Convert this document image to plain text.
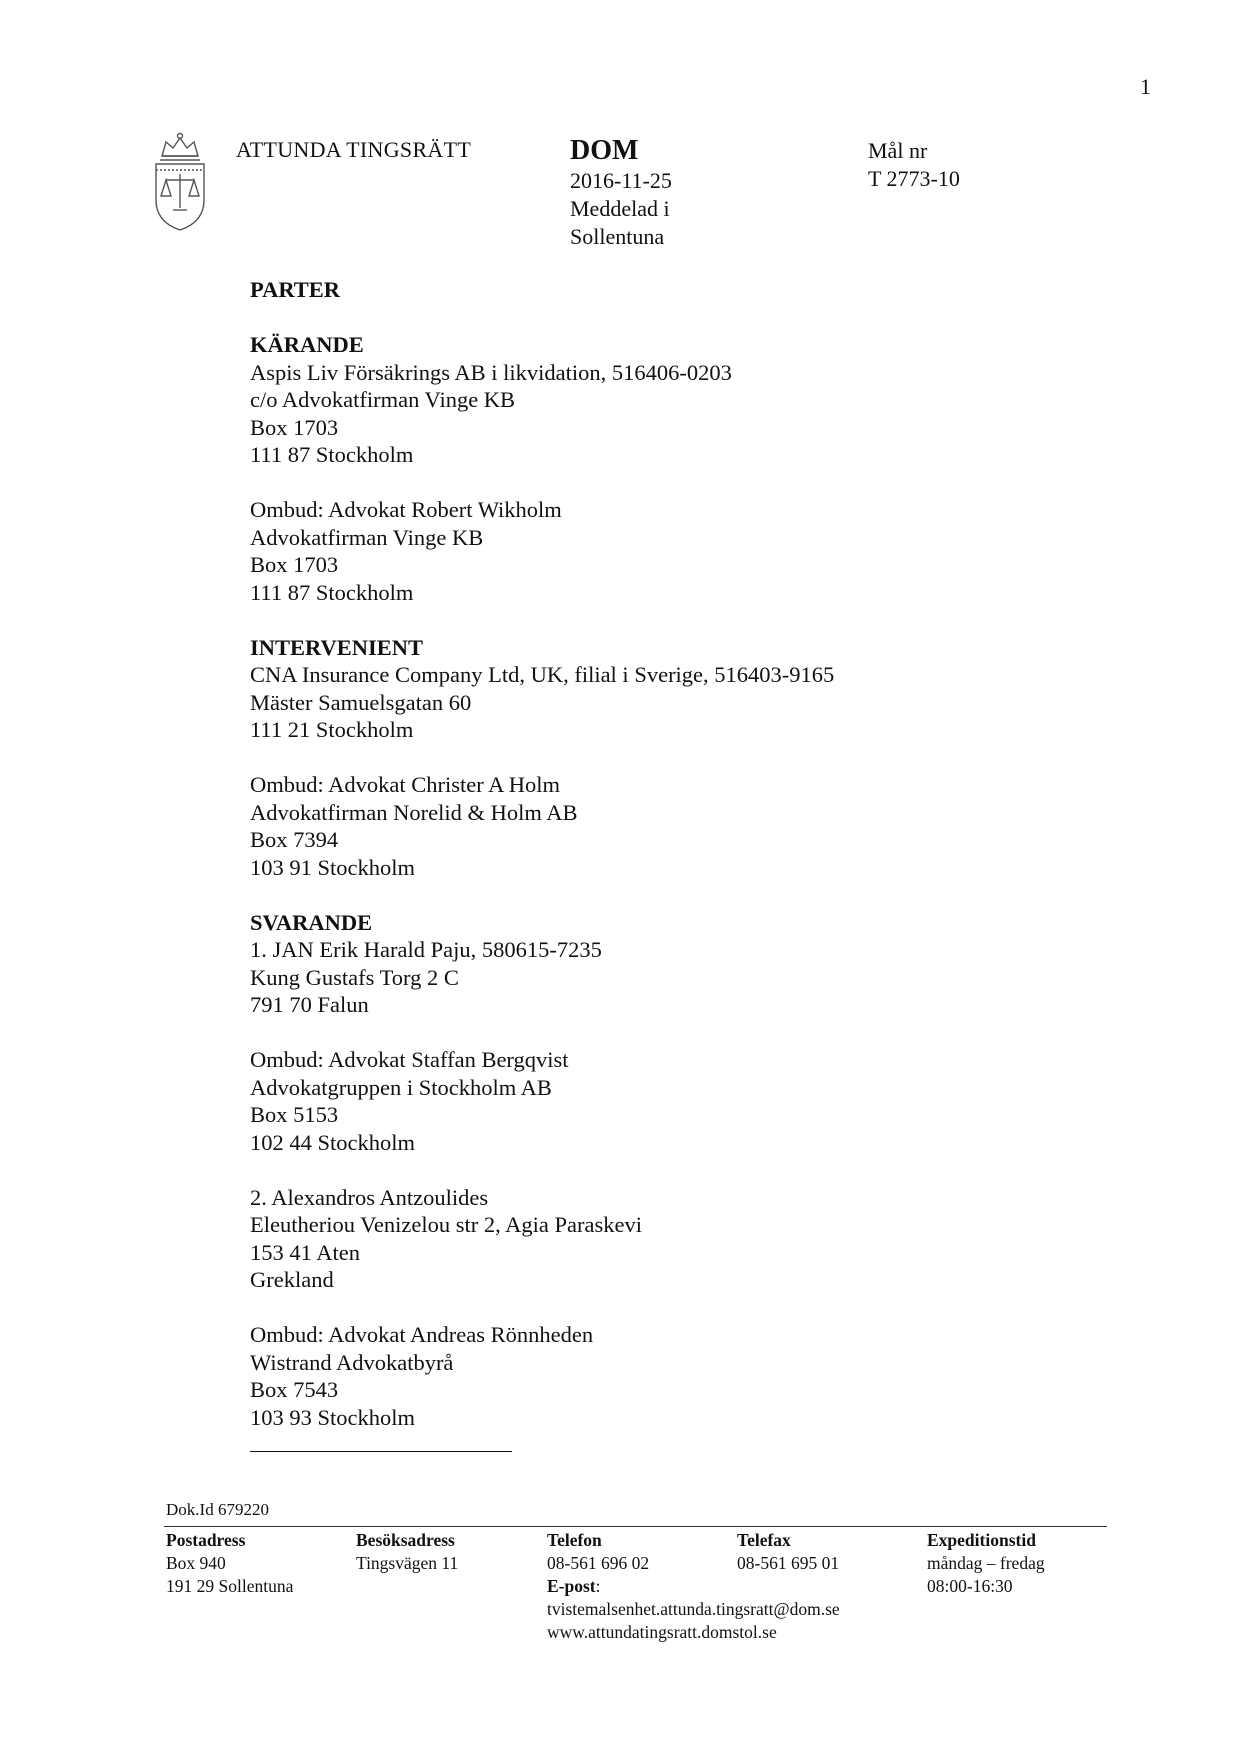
1
ATTUNDA TINGSRÄTT	DOM
2016-11-25
Meddelad i
Sollentuna
Mål nr
T 2773-10
PARTER
KÄRANDE
Aspis Liv Försäkrings AB i likvidation, 516406-0203
c/o Advokatfirman Vinge KB
Box 1703
111 87 Stockholm
Ombud: Advokat Robert Wikholm
Advokatfirman Vinge KB
Box 1703
111 87 Stockholm
INTERVENIENT
CNA Insurance Company Ltd, UK, filial i Sverige, 516403-9165
Mäster Samuelsgatan 60
111 21 Stockholm
Ombud: Advokat Christer A Holm
Advokatfirman Norelid & Holm AB
Box 7394
103 91 Stockholm
SVARANDE
1. JAN Erik Harald Paju, 580615-7235
Kung Gustafs Torg 2 C
791 70 Falun
Ombud: Advokat Staffan Bergqvist
Advokatgruppen i Stockholm AB
Box 5153
102 44 Stockholm
2. Alexandros Antzoulides
Eleutheriou Venizelou str 2, Agia Paraskevi
153 41 Aten
Grekland
Ombud: Advokat Andreas Rönnheden
Wistrand Advokatbyrå
Box 7543
103 93 Stockholm
Dok.Id 679220
Postadress
Box 940
191 29 Sollentuna
Besöksadress
Tingsvägen 11
Telefon
08-561 696 02
E-post:
tvistemalsenhet.attunda.tingsratt@dom.se
www.attundatingsratt.domstol.se
Telefax
08-561 695 01
Expeditionstid
måndag – fredag
08:00-16:30
